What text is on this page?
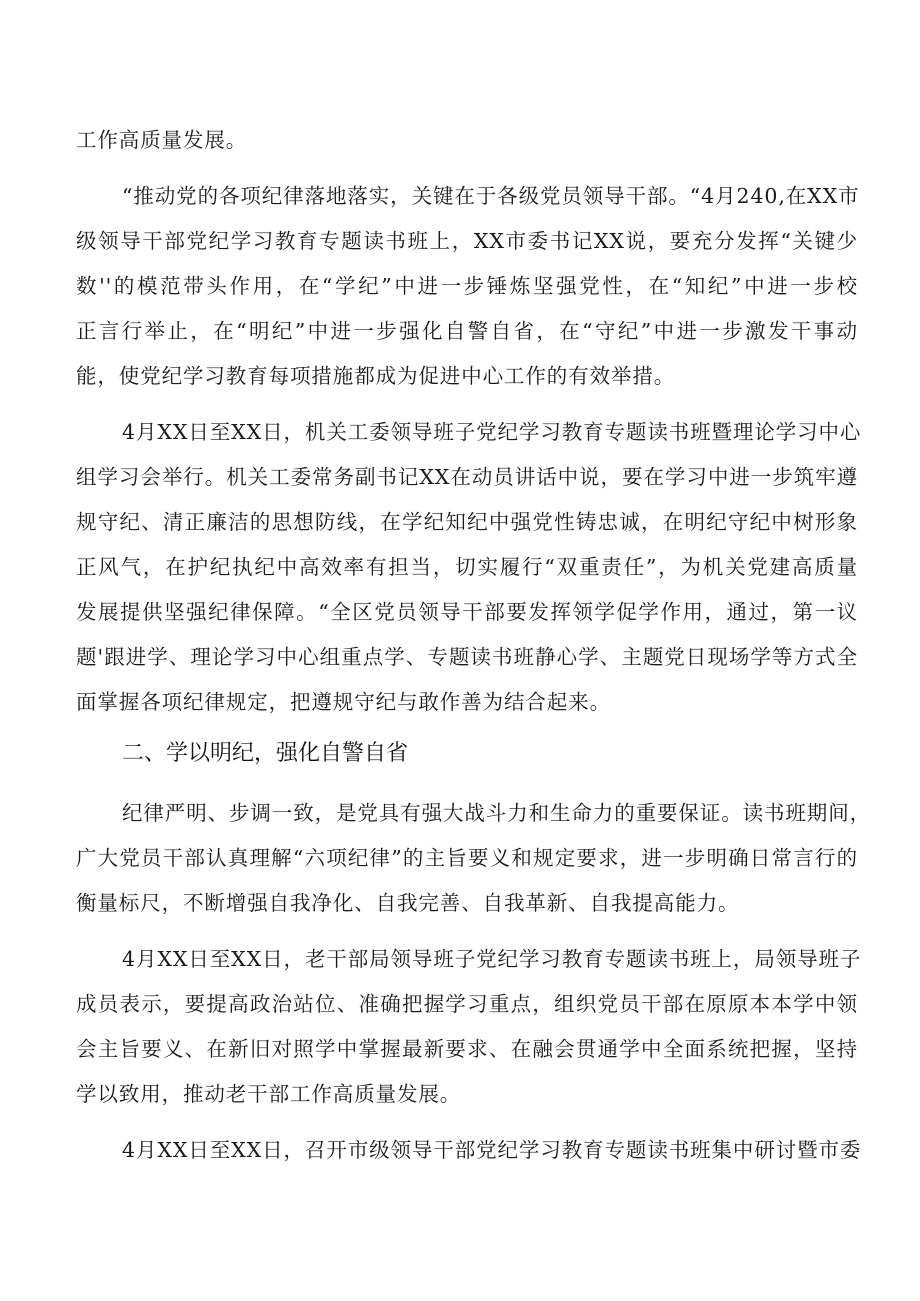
工作高质量发展。
“推动党的各项纪律落地落实，关键在于各级党员领导干部。“4月240,在XX市
级领导干部党纪学习教育专题读书班上，XX市委书记XX说，要充分发挥“关键少
数''的模范带头作用，在“学纪”中进一步锤炼坚强党性，在“知纪”中进一步校
正言行举止，在“明纪”中进一步强化自警自省，在“守纪”中进一步激发干事动
能，使党纪学习教育每项措施都成为促进中心工作的有效举措。
4月XX日至XX日，机关工委领导班子党纪学习教育专题读书班暨理论学习中心
组学习会举行。机关工委常务副书记XX在动员讲话中说，要在学习中进一步筑牢遵
规守纪、清正廉洁的思想防线，在学纪知纪中强党性铸忠诚，在明纪守纪中树形象
正风气，在护纪执纪中高效率有担当，切实履行“双重责任”，为机关党建高质量
发展提供坚强纪律保障。“全区党员领导干部要发挥领学促学作用，通过，第一议
题'跟进学、理论学习中心组重点学、专题读书班静心学、主题党日现场学等方式全
面掌握各项纪律规定，把遵规守纪与敢作善为结合起来。
二、学以明纪，强化自警自省
纪律严明、步调一致，是党具有强大战斗力和生命力的重要保证。读书班期间，
广大党员干部认真理解“六项纪律”的主旨要义和规定要求，进一步明确日常言行的
衡量标尺，不断增强自我净化、自我完善、自我革新、自我提高能力。
4月XX日至XX日，老干部局领导班子党纪学习教育专题读书班上，局领导班子
成员表示，要提高政治站位、准确把握学习重点，组织党员干部在原原本本学中领
会主旨要义、在新旧对照学中掌握最新要求、在融会贯通学中全面系统把握，坚持
学以致用，推动老干部工作高质量发展。
4月XX日至XX日，召开市级领导干部党纪学习教育专题读书班集中研讨暨市委
